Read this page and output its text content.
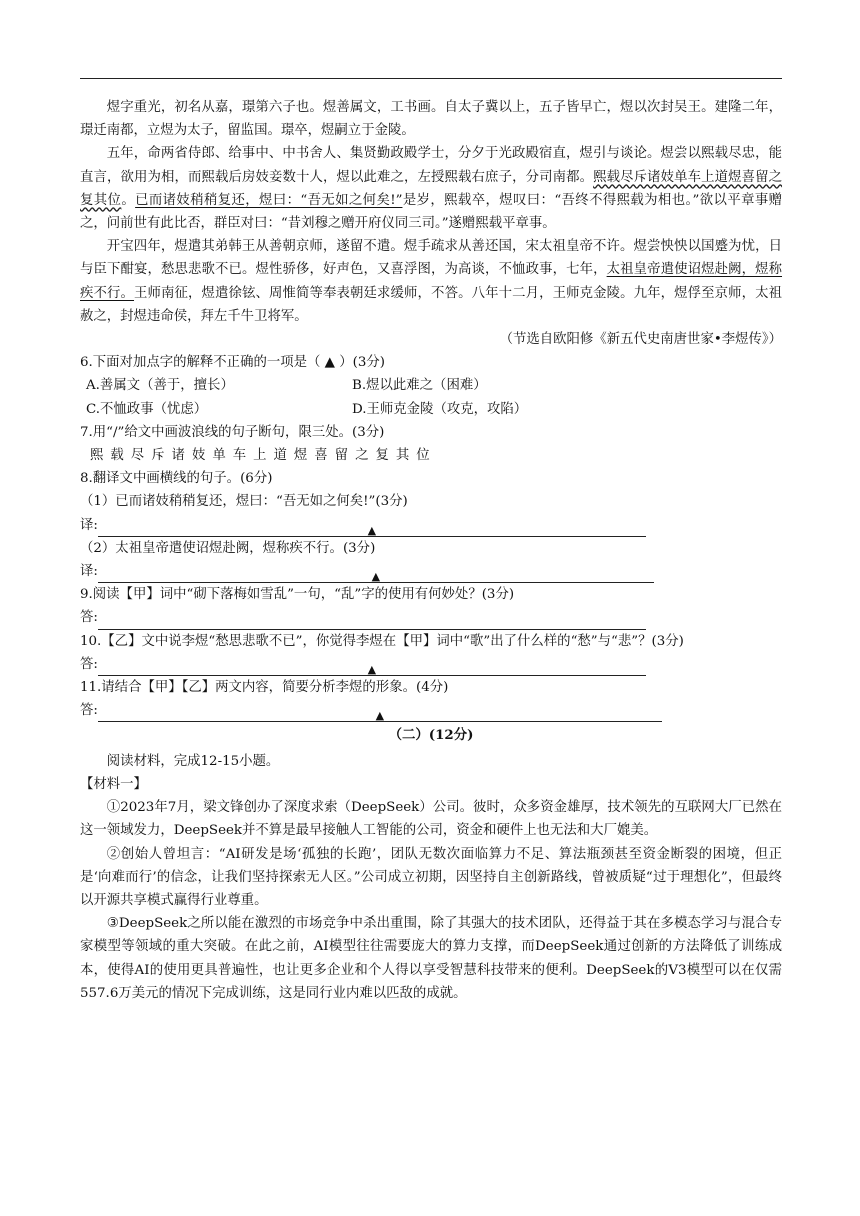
煜字重光，初名从嘉，璟第六子也。煜善属文，工书画。自太子冀以上，五子皆早亡，煜以次封吴王。建隆二年，璟迁南都，立煜为太子，留监国。璟卒，煜嗣立于金陵。

五年，命两省侍郎、给事中、中书舍人、集贤勤政殿学士，分夕于光政殿宿直，煜引与谈论。煜尝以熙载尽忠，能直言，欲用为相，而熙载后房妓妾数十人，煜以此难之，左授熙载右庶子，分司南都。熙载尽斥诸妓单车上道煜喜留之复其位。已而诸妓稍稍复还，煜曰：“吾无如之何矣!”是岁，熙载卒，煜叹曰：“吾终不得熙载为相也。”欲以平章事赠之，问前世有此比否，群臣对曰：“昔刘穆之赠开府仪同三司。”遂赠熙载平章事。

开宝四年，煜遣其弟韩王从善朝京师，遂留不遣。煜手疏求从善还国，宋太祖皇帝不许。煜尝怏怏以国蹙为忧，日与臣下酣宴，愁思悲歌不已。煜性骄侈，好声色，又喜浮图，为高谈，不恤政事，七年，太祖皇帝遣使诏煜赴阙，煜称疾不行。王师南征，煜遣徐铉、周惟简等奉表朝廷求缓师，不答。八年十二月，王师克金陵。九年，煜俘至京师，太祖赦之，封煜违命侯，拜左千牛卫将军。

（节选自欧阳修《新五代史南唐世家•李煜传》）

6.下面对加点字的解释不正确的一项是（ ▲ ）(3分)

A.善属文（善于，擅长）	B.煜以此难之（困难）
C.不恤政事（忧虑）	D.王师克金陵（攻克，攻陷）

7.用“/”给文中画波浪线的句子断句，限三处。(3分)

熙载尽斥诸妓单车上道煜喜留之复其位

8.翻译文中画横线的句子。(6分)

（1）已而诸妓稍稍复还，煜曰：“吾无如之何矣!”(3分)

译:	▲

（2）太祖皇帝遣使诏煜赴阙，煜称疾不行。(3分)

译:	▲

9.阅读【甲】词中“砌下落梅如雪乱”一句，“乱”字的使用有何妙处？(3分)

答:

10.【乙】文中说李煜“愁思悲歌不已”，你觉得李煜在【甲】词中“歌”出了什么样的“愁”与“悲”？(3分)

答:	▲

11.请结合【甲】【乙】两文内容，简要分析李煜的形象。(4分)

答:	▲

（二）(12分)

阅读材料，完成12-15小题。

【材料一】

①2023年7月，梁文锋创办了深度求索（DeepSeek）公司。彼时，众多资金雄厚，技术领先的互联网大厂已然在这一领域发力，DeepSeek并不算是最早接触人工智能的公司，资金和硬件上也无法和大厂媲美。

②创始人曾坦言：“AI研发是场‘孤独的长跑’，团队无数次面临算力不足、算法瓶颈甚至资金断裂的困境，但正是‘向难而行’的信念，让我们坚持探索无人区。”公司成立初期，因坚持自主创新路线，曾被质疑“过于理想化”，但最终以开源共享模式赢得行业尊重。

③DeepSeek之所以能在激烈的市场竞争中杀出重围，除了其强大的技术团队，还得益于其在多模态学习与混合专家模型等领域的重大突破。在此之前，AI模型往往需要庞大的算力支撑，而DeepSeek通过创新的方法降低了训练成本，使得AI的使用更具普遍性，也让更多企业和个人得以享受智慧科技带来的便利。DeepSeek的V3模型可以在仅需557.6万美元的情况下完成训练，这是同行业内难以匹敌的成就。
